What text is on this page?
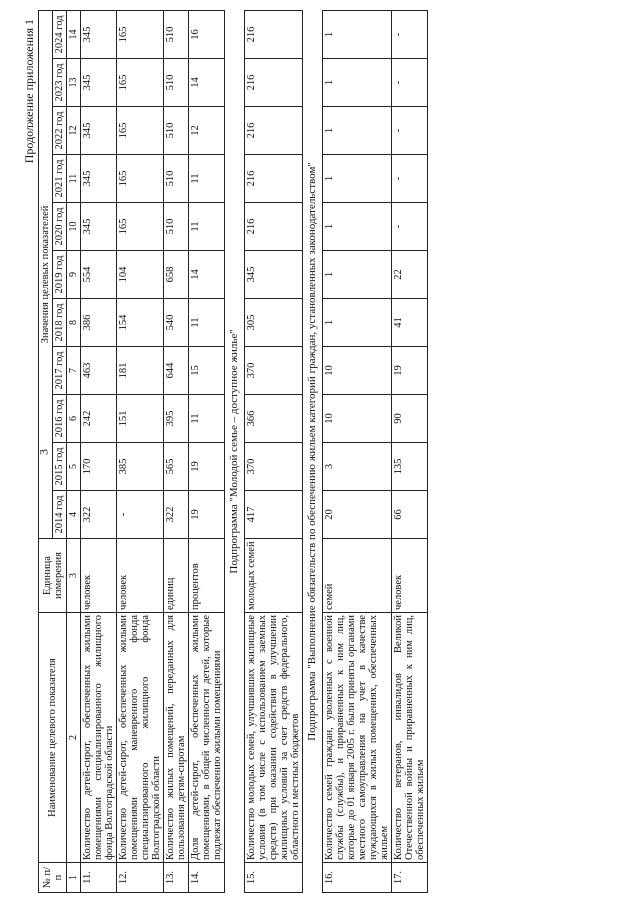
3
Продолжение приложения 1
№ п/п	Наименование целевого показателя	Единица измерения	Значения целевых показателей										
			2014 год	2015 год	2016 год	2017 год	2018 год	2019 год	2020 год	2021 год	2022 год	2023 год	2024 год
1	2	3	4	5	6	7	8	9	10	11	12	13	14
11.	Количество детей-сирот, обеспеченных жилыми помещениями специализированного жилищного фонда Волгоградской области	человек	322	170	242	463	386	554	345	345	345	345	345
12.	Количество детей-сирот, обеспеченных жилыми помещениями маневренного фонда специализированного жилищного фонда Волгоградской области	человек	-	385	151	181	154	104	165	165	165	165	165
13.	Количество жилых помещений, переданных для пользования детям-сиротам	единиц	322	565	395	644	540	658	510	510	510	510	510
14.	Доля детей-сирот, обеспеченных жилыми помещениями, в общей численности детей, которые подлежат обеспечению жилыми помещениями	процентов	19	19	11	15	11	14	11	11	12	14	16
Подпрограмма "Молодой семье – доступное жилье"													
15.	Количество молодых семей, улучшивших жилищные условия (в том числе с использованием заемных средств) при оказании содействия в улучшении жилищных условий за счет средств федерального, областного и местных бюджетов	молодых семей	417	370	366	370	305	345	216	216	216	216	216
Подпрограмма "Выполнение обязательств по обеспечению жильем категорий граждан, установленных законодательством"													
16.	Количество семей граждан, уволенных с военной службы (службы), и приравненных к ним лиц, которые до 01 января 2005 г. были приняты органами местного самоуправления на учет в качестве нуждающихся в жилых помещениях, обеспеченных жильем	семей	20	3	10	10	1	1	1	1	1	1	1
17.	Количество ветеранов, инвалидов Великой Отечественной войны и приравненных к ним лиц, обеспеченных жильем	человек	66	135	90	19	41	22	-	-	-	-	-
